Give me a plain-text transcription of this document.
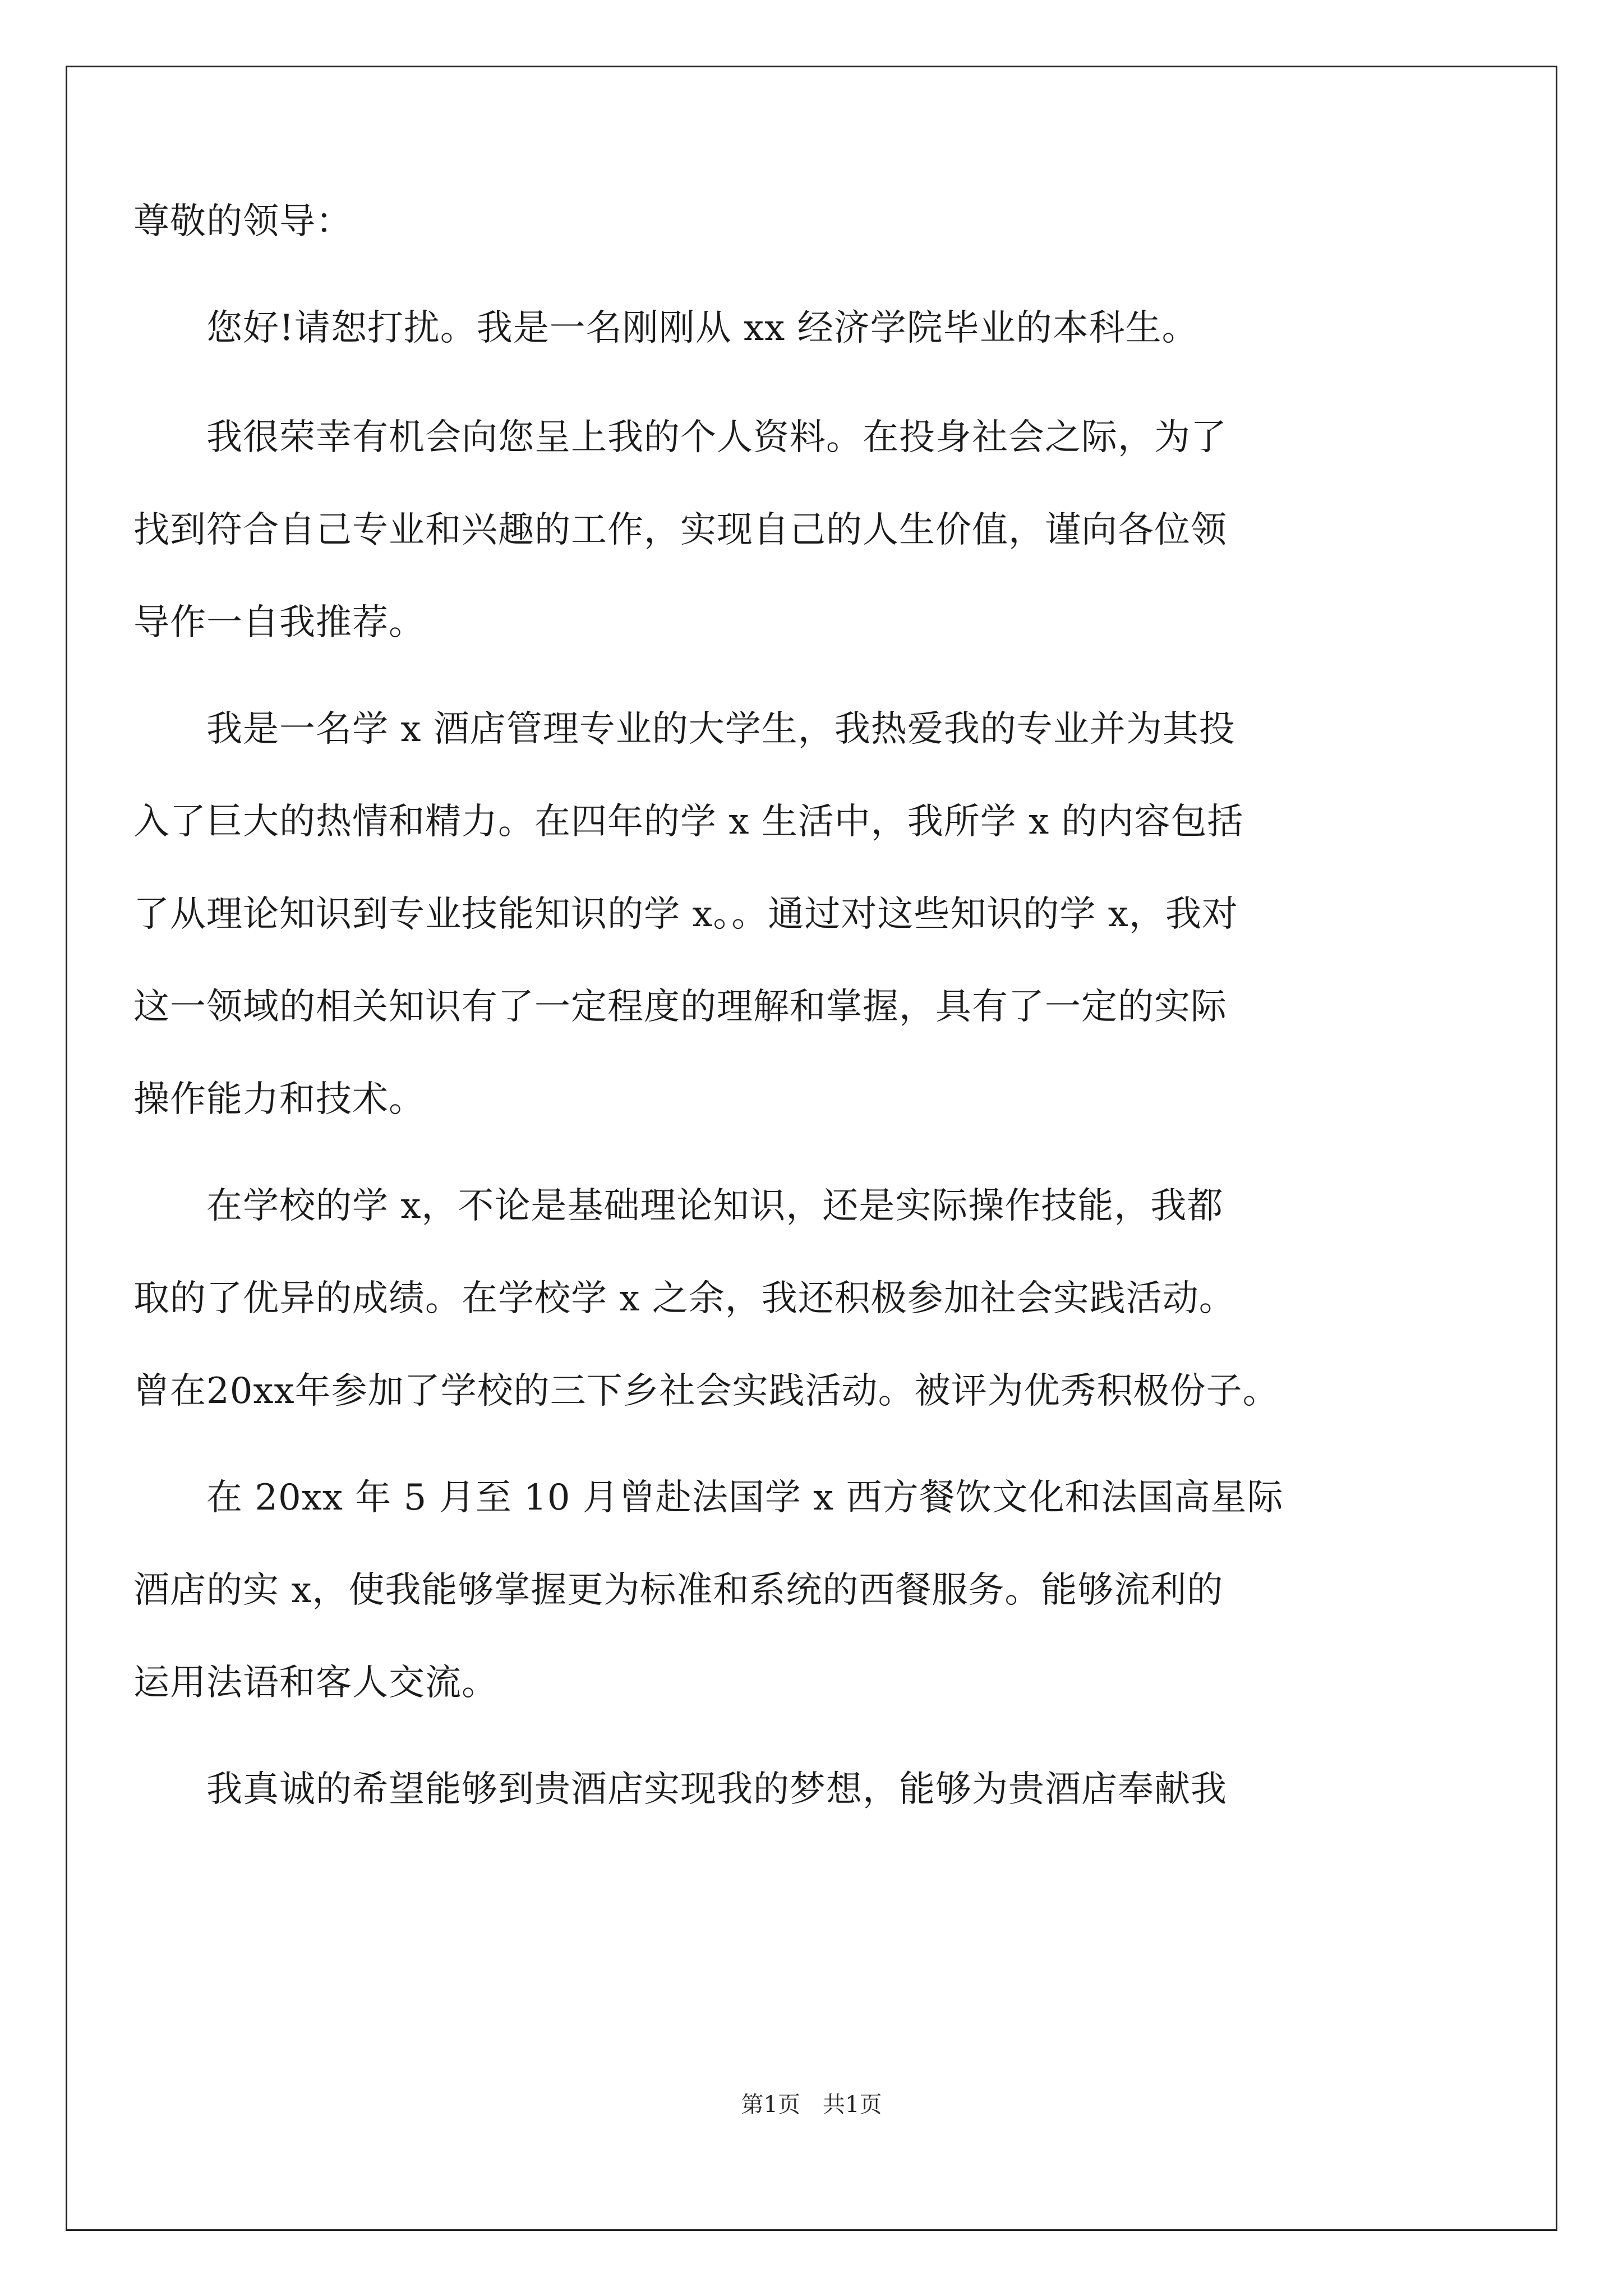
尊敬的领导：
　　您好!请恕打扰。我是一名刚刚从 xx 经济学院毕业的本科生。
　　我很荣幸有机会向您呈上我的个人资料。在投身社会之际，为了
找到符合自己专业和兴趣的工作，实现自己的人生价值，谨向各位领
导作一自我推荐。
　　我是一名学 x 酒店管理专业的大学生，我热爱我的专业并为其投
入了巨大的热情和精力。在四年的学 x 生活中，我所学 x 的内容包括
了从理论知识到专业技能知识的学 x。。通过对这些知识的学 x，我对
这一领域的相关知识有了一定程度的理解和掌握，具有了一定的实际
操作能力和技术。
　　在学校的学 x，不论是基础理论知识，还是实际操作技能，我都
取的了优异的成绩。在学校学 x 之余，我还积极参加社会实践活动。
曾在20xx年参加了学校的三下乡社会实践活动。被评为优秀积极份子。
　　在 20xx 年 5 月至 10 月曾赴法国学 x 西方餐饮文化和法国高星际
酒店的实 x，使我能够掌握更为标准和系统的西餐服务。能够流利的
运用法语和客人交流。
　　我真诚的希望能够到贵酒店实现我的梦想，能够为贵酒店奉献我
第1页　共1页
